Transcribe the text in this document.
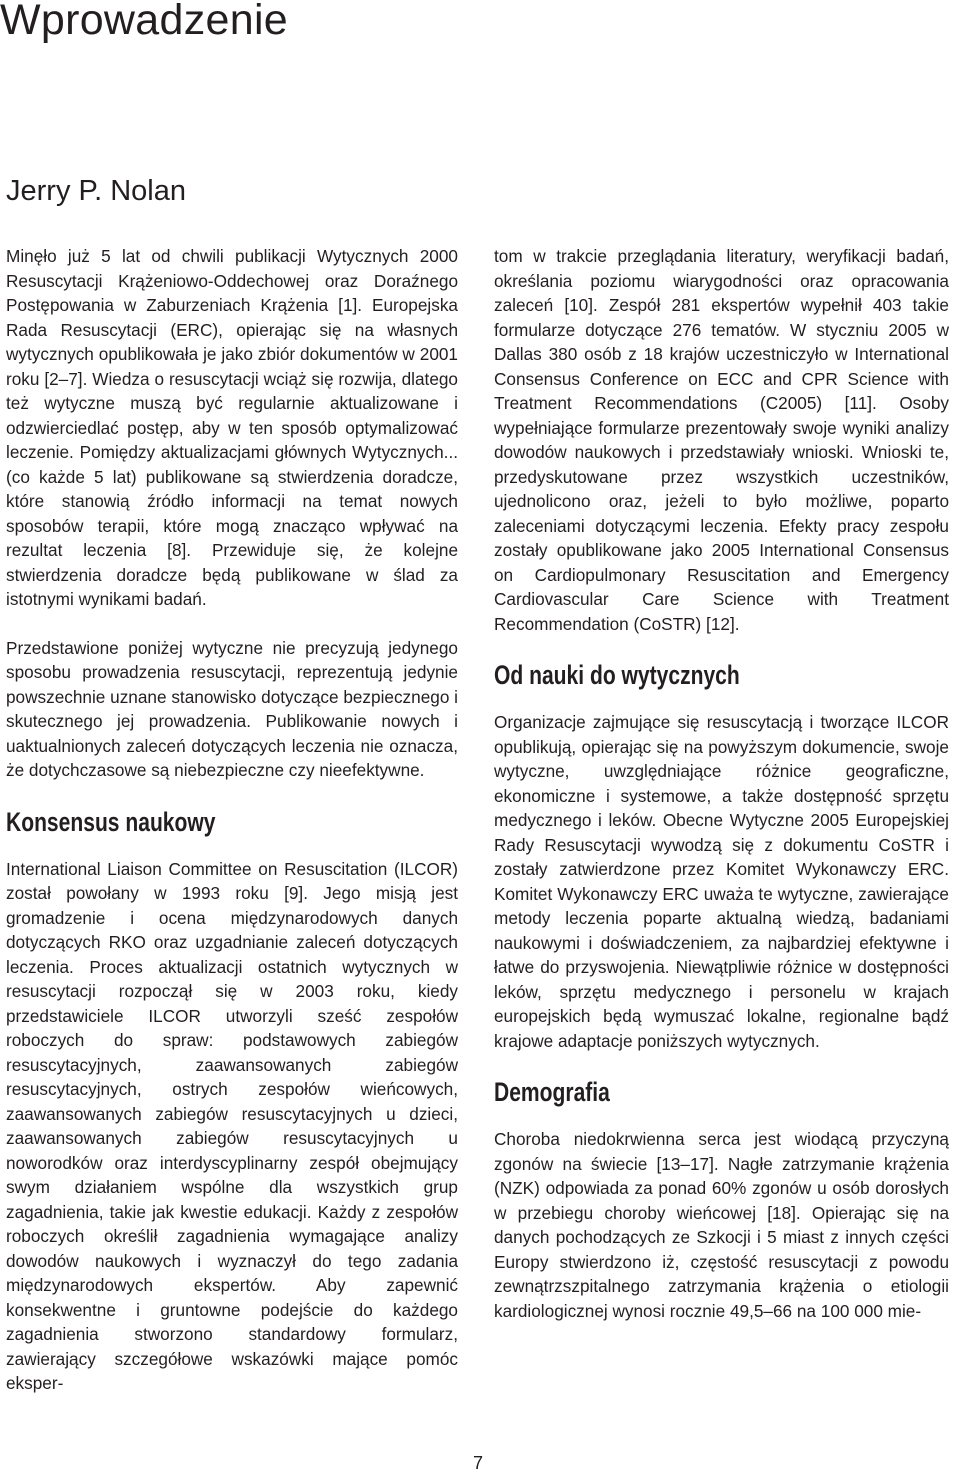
Wprowadzenie
Jerry P. Nolan

Minęło już 5 lat od chwili publikacji Wytycznych 2000 Resuscytacji Krążeniowo-Oddechowej oraz Doraźnego Postępowania w Zaburzeniach Krążenia [1]. Europejska Rada Resuscytacji (ERC), opierając się na własnych wytycznych opublikowała je jako zbiór dokumentów w 2001 roku [2–7]. Wiedza o resuscytacji wciąż się rozwija, dlatego też wytyczne muszą być regularnie aktualizowane i odzwierciedlać postęp, aby w ten sposób optymalizować leczenie. Pomiędzy aktualizacjami głównych Wytycznych... (co każde 5 lat) publikowane są stwierdzenia doradcze, które stanowią źródło informacji na temat nowych sposobów terapii, które mogą znacząco wpływać na rezultat leczenia [8]. Przewiduje się, że kolejne stwierdzenia doradcze będą publikowane w ślad za istotnymi wynikami badań.

Przedstawione poniżej wytyczne nie precyzują jedynego sposobu prowadzenia resuscytacji, reprezentują jedynie powszechnie uznane stanowisko dotyczące bezpiecznego i skutecznego jej prowadzenia. Publikowanie nowych i uaktualnionych zaleceń dotyczących leczenia nie oznacza, że dotychczasowe są niebezpieczne czy nieefektywne.

Konsensus naukowy

International Liaison Committee on Resuscitation (ILCOR) został powołany w 1993 roku [9]. Jego misją jest gromadzenie i ocena międzynarodowych danych dotyczących RKO oraz uzgadnianie zaleceń dotyczących leczenia. Proces aktualizacji ostatnich wytycznych w resuscytacji rozpoczął się w 2003 roku, kiedy przedstawiciele ILCOR utworzyli sześć zespołów roboczych do spraw: podstawowych zabiegów resuscytacyjnych, zaawansowanych zabiegów resuscytacyjnych, ostrych zespołów wieńcowych, zaawansowanych zabiegów resuscytacyjnych u dzieci, zaawansowanych zabiegów resuscytacyjnych u noworodków oraz interdyscyplinarny zespół obejmujący swym działaniem wspólne dla wszystkich grup zagadnienia, takie jak kwestie edukacji. Każdy z zespołów roboczych określił zagadnienia wymagające analizy dowodów naukowych i wyznaczył do tego zadania międzynarodowych ekspertów. Aby zapewnić konsekwentne i gruntowne podejście do każdego zagadnienia stworzono standardowy formularz, zawierający szczegółowe wskazówki mające pomóc eksper-

tom w trakcie przeglądania literatury, weryfikacji badań, określania poziomu wiarygodności oraz opracowania zaleceń [10]. Zespół 281 ekspertów wypełnił 403 takie formularze dotyczące 276 tematów. W styczniu 2005 w Dallas 380 osób z 18 krajów uczestniczyło w International Consensus Conference on ECC and CPR Science with Treatment Recommendations (C2005) [11]. Osoby wypełniające formularze prezentowały swoje wyniki analizy dowodów naukowych i przedstawiały wnioski. Wnioski te, przedyskutowane przez wszystkich uczestników, ujednolicono oraz, jeżeli to było możliwe, poparto zaleceniami dotyczącymi leczenia. Efekty pracy zespołu zostały opublikowane jako 2005 International Consensus on Cardiopulmonary Resuscitation and Emergency Cardiovascular Care Science with Treatment Recommendation (CoSTR) [12].

Od nauki do wytycznych

Organizacje zajmujące się resuscytacją i tworzące ILCOR opublikują, opierając się na powyższym dokumencie, swoje wytyczne, uwzględniające różnice geograficzne, ekonomiczne i systemowe, a także dostępność sprzętu medycznego i leków. Obecne Wytyczne 2005 Europejskiej Rady Resuscytacji wywodzą się z dokumentu CoSTR i zostały zatwierdzone przez Komitet Wykonawczy ERC. Komitet Wykonawczy ERC uważa te wytyczne, zawierające metody leczenia poparte aktualną wiedzą, badaniami naukowymi i doświadczeniem, za najbardziej efektywne i łatwe do przyswojenia. Niewątpliwie różnice w dostępności leków, sprzętu medycznego i personelu w krajach europejskich będą wymuszać lokalne, regionalne bądź krajowe adaptacje poniższych wytycznych.

Demografia

Choroba niedokrwienna serca jest wiodącą przyczyną zgonów na świecie [13–17]. Nagłe zatrzymanie krążenia (NZK) odpowiada za ponad 60% zgonów u osób dorosłych w przebiegu choroby wieńcowej [18]. Opierając się na danych pochodzących ze Szkocji i 5 miast z innych części Europy stwierdzono iż, częstość resuscytacji z powodu zewnątrzszpitalnego zatrzymania krążenia o etiologii kardiologicznej wynosi rocznie 49,5–66 na 100 000 mie-

7
